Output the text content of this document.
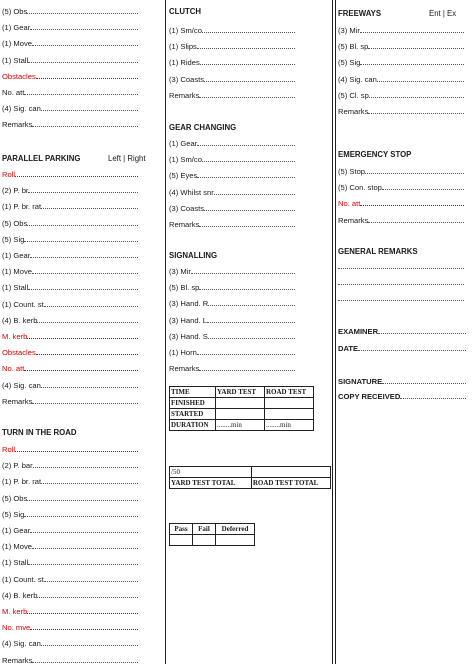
(5) Obs
(1) Gear
(1) Move
(1) Stall
Obstacles
No. att
(4) Sig. can
Remarks
PARALLEL PARKING	Left | Right
Roll
(2) P. br
(1) P. br. rat
(5) Obs
(5) Sig
(1) Gear
(1) Move
(1) Stall
(1) Count. st
(4) B. kerb
M. kerb
Obstacles
No. att
(4) Sig. can
Remarks
TURN IN THE ROAD
Roll
(2) P. bar
(1) P. br. rat
(5) Obs
(5) Sig
(1) Gear
(1) Move
(1) Stall
(1) Count. st
(4) B. kerb
M. kerb
No. mve
(4) Sig. can
Remarks
CLUTCH
(1) Sm/co
(1) Slips
(1) Rides
(3) Coasts
Remarks
GEAR CHANGING
(1) Gear
(1) Sm/co
(5) Eyes
(4) Whilst snr
(3) Coasts
Remarks
SIGNALLING
(3) Mir
(5) Bl. sp
(3) Hand. R
(3) Hand. L
(3) Hand. S
(1) Horn
Remarks
TIME	YARD TEST	ROAD TEST
FINISHED		
STARTED		
DURATION	........min	........min
/50	
YARD TEST TOTAL	ROAD TEST TOTAL
Pass	Fail	Deferred

FREEWAYS	Ent | Ex
(3) Mir
(5) Bl. sp
(5) Sig
(4) Sig. can
(5) Cl. sp
Remarks
EMERGENCY STOP
(5) Stop
(5) Con. stop
No. att
Remarks
GENERAL REMARKS
EXAMINER
DATE
SIGNATURE
COPY RECEIVED
